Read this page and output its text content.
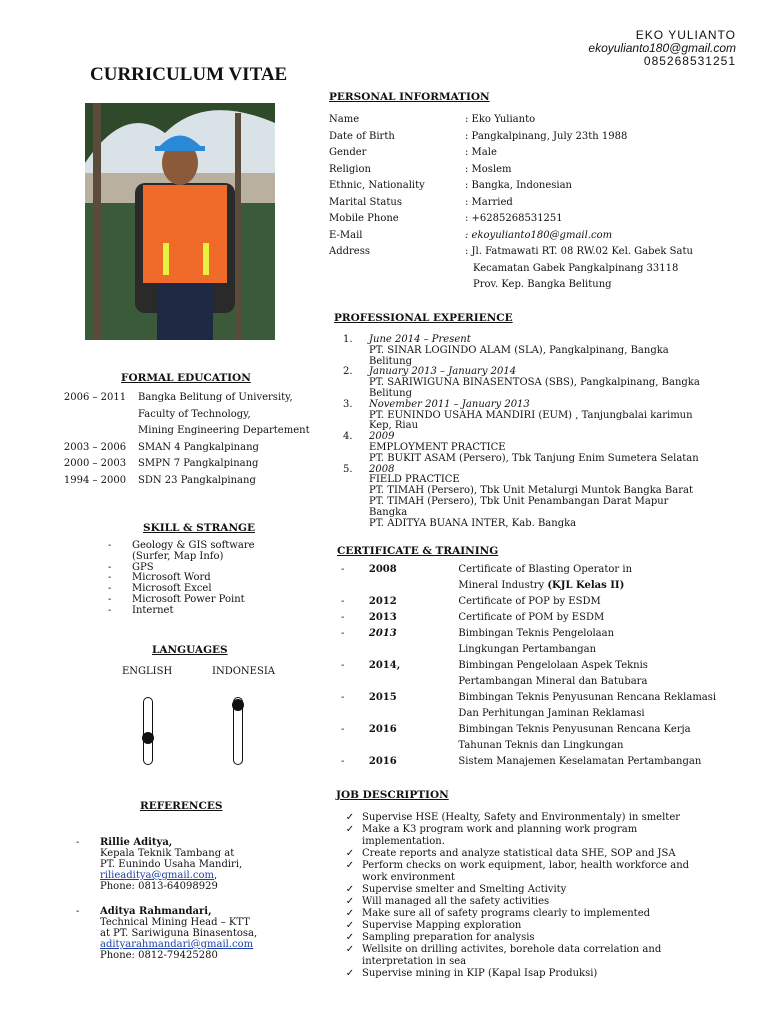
EKO YULIANTO
ekoyulianto180@gmail.com
085268531251
CURRICULUM VITAE
FORMAL EDUCATION
2006 – 2011	Bangka Belitung of University,
Faculty of Technology,
Mining Engineering Departement
2003 – 2006	SMAN 4 Pangkalpinang
2000 – 2003	SMPN 7 Pangkalpinang
1994 – 2000	SDN 23 Pangkalpinang
SKILL & STRANGE
-	Geology & GIS software
(Surfer, Map Info)
-	GPS
-	Microsoft Word
-	Microsoft Excel
-	Microsoft Power Point
-	Internet
LANGUAGES
ENGLISH	INDONESIA
REFERENCES
-	Rillie Aditya,
Kepala Teknik Tambang at
PT. Eunindo Usaha Mandiri,
rilieaditya@gmail.com,
Phone: 0813-64098929
-	Aditya Rahmandari,
Technical Mining Head – KTT
at PT. Sariwiguna Binasentosa,
adityarahmandari@gmail.com
Phone: 0812-79425280
PERSONAL INFORMATION
Name	: Eko Yulianto
Date of Birth	: Pangkalpinang, July 23th 1988
Gender	: Male
Religion	: Moslem
Ethnic, Nationality	: Bangka, Indonesian
Marital Status	: Married
Mobile Phone	: +6285268531251
E-Mail	: ekoyulianto180@gmail.com
Address	: Jl. Fatmawati RT. 08 RW.02 Kel. Gabek Satu
Kecamatan Gabek Pangkalpinang 33118
Prov. Kep. Bangka Belitung
PROFESSIONAL EXPERIENCE
1.	June 2014 – Present
PT. SINAR LOGINDO ALAM (SLA), Pangkalpinang, Bangka
Belitung
2.	January 2013 – January 2014
PT. SARIWIGUNA BINASENTOSA (SBS), Pangkalpinang, Bangka
Belitung
3.	November 2011 – January 2013
PT. EUNINDO USAHA MANDIRI (EUM) , Tanjungbalai karimun
Kep, Riau
4.	2009
EMPLOYMENT PRACTICE
PT. BUKIT ASAM (Persero), Tbk Tanjung Enim Sumetera Selatan
5.	2008
FIELD PRACTICE
PT. TIMAH (Persero), Tbk Unit Metalurgi Muntok Bangka Barat
PT. TIMAH (Persero), Tbk Unit Penambangan Darat Mapur
Bangka
PT. ADITYA BUANA INTER, Kab. Bangka
CERTIFICATE & TRAINING
-	2008	Certificate of Blasting Operator in
Mineral Industry (KJL Kelas II)
-	2012	Certificate of POP by ESDM
-	2013	Certificate of POM by ESDM
-	2013	Bimbingan Teknis Pengelolaan
Lingkungan Pertambangan
-	2014,	Bimbingan Pengelolaan Aspek Teknis
Pertambangan Mineral dan Batubara
-	2015	Bimbingan Teknis Penyusunan Rencana Reklamasi
Dan Perhitungan Jaminan Reklamasi
-	2016	Bimbingan Teknis Penyusunan Rencana Kerja
Tahunan Teknis dan Lingkungan
-	2016	Sistem Manajemen Keselamatan Pertambangan
JOB DESCRIPTION
✓ Supervise HSE (Healty, Safety and Environmentaly) in smelter
✓ Make a K3 program work and planning work program
implementation.
✓ Create reports and analyze statistical data SHE, SOP and JSA
✓ Perform checks on work equipment, labor, health workforce and
work environment
✓ Supervise smelter and Smelting Activity
✓ Will managed all the safety activities
✓ Make sure all of safety programs clearly to implemented
✓ Supervise Mapping exploration
✓ Sampling preparation for analysis
✓ Wellsite on drilling activites, borehole data correlation and
interpretation in sea
✓ Supervise mining in KIP (Kapal Isap Produksi)
